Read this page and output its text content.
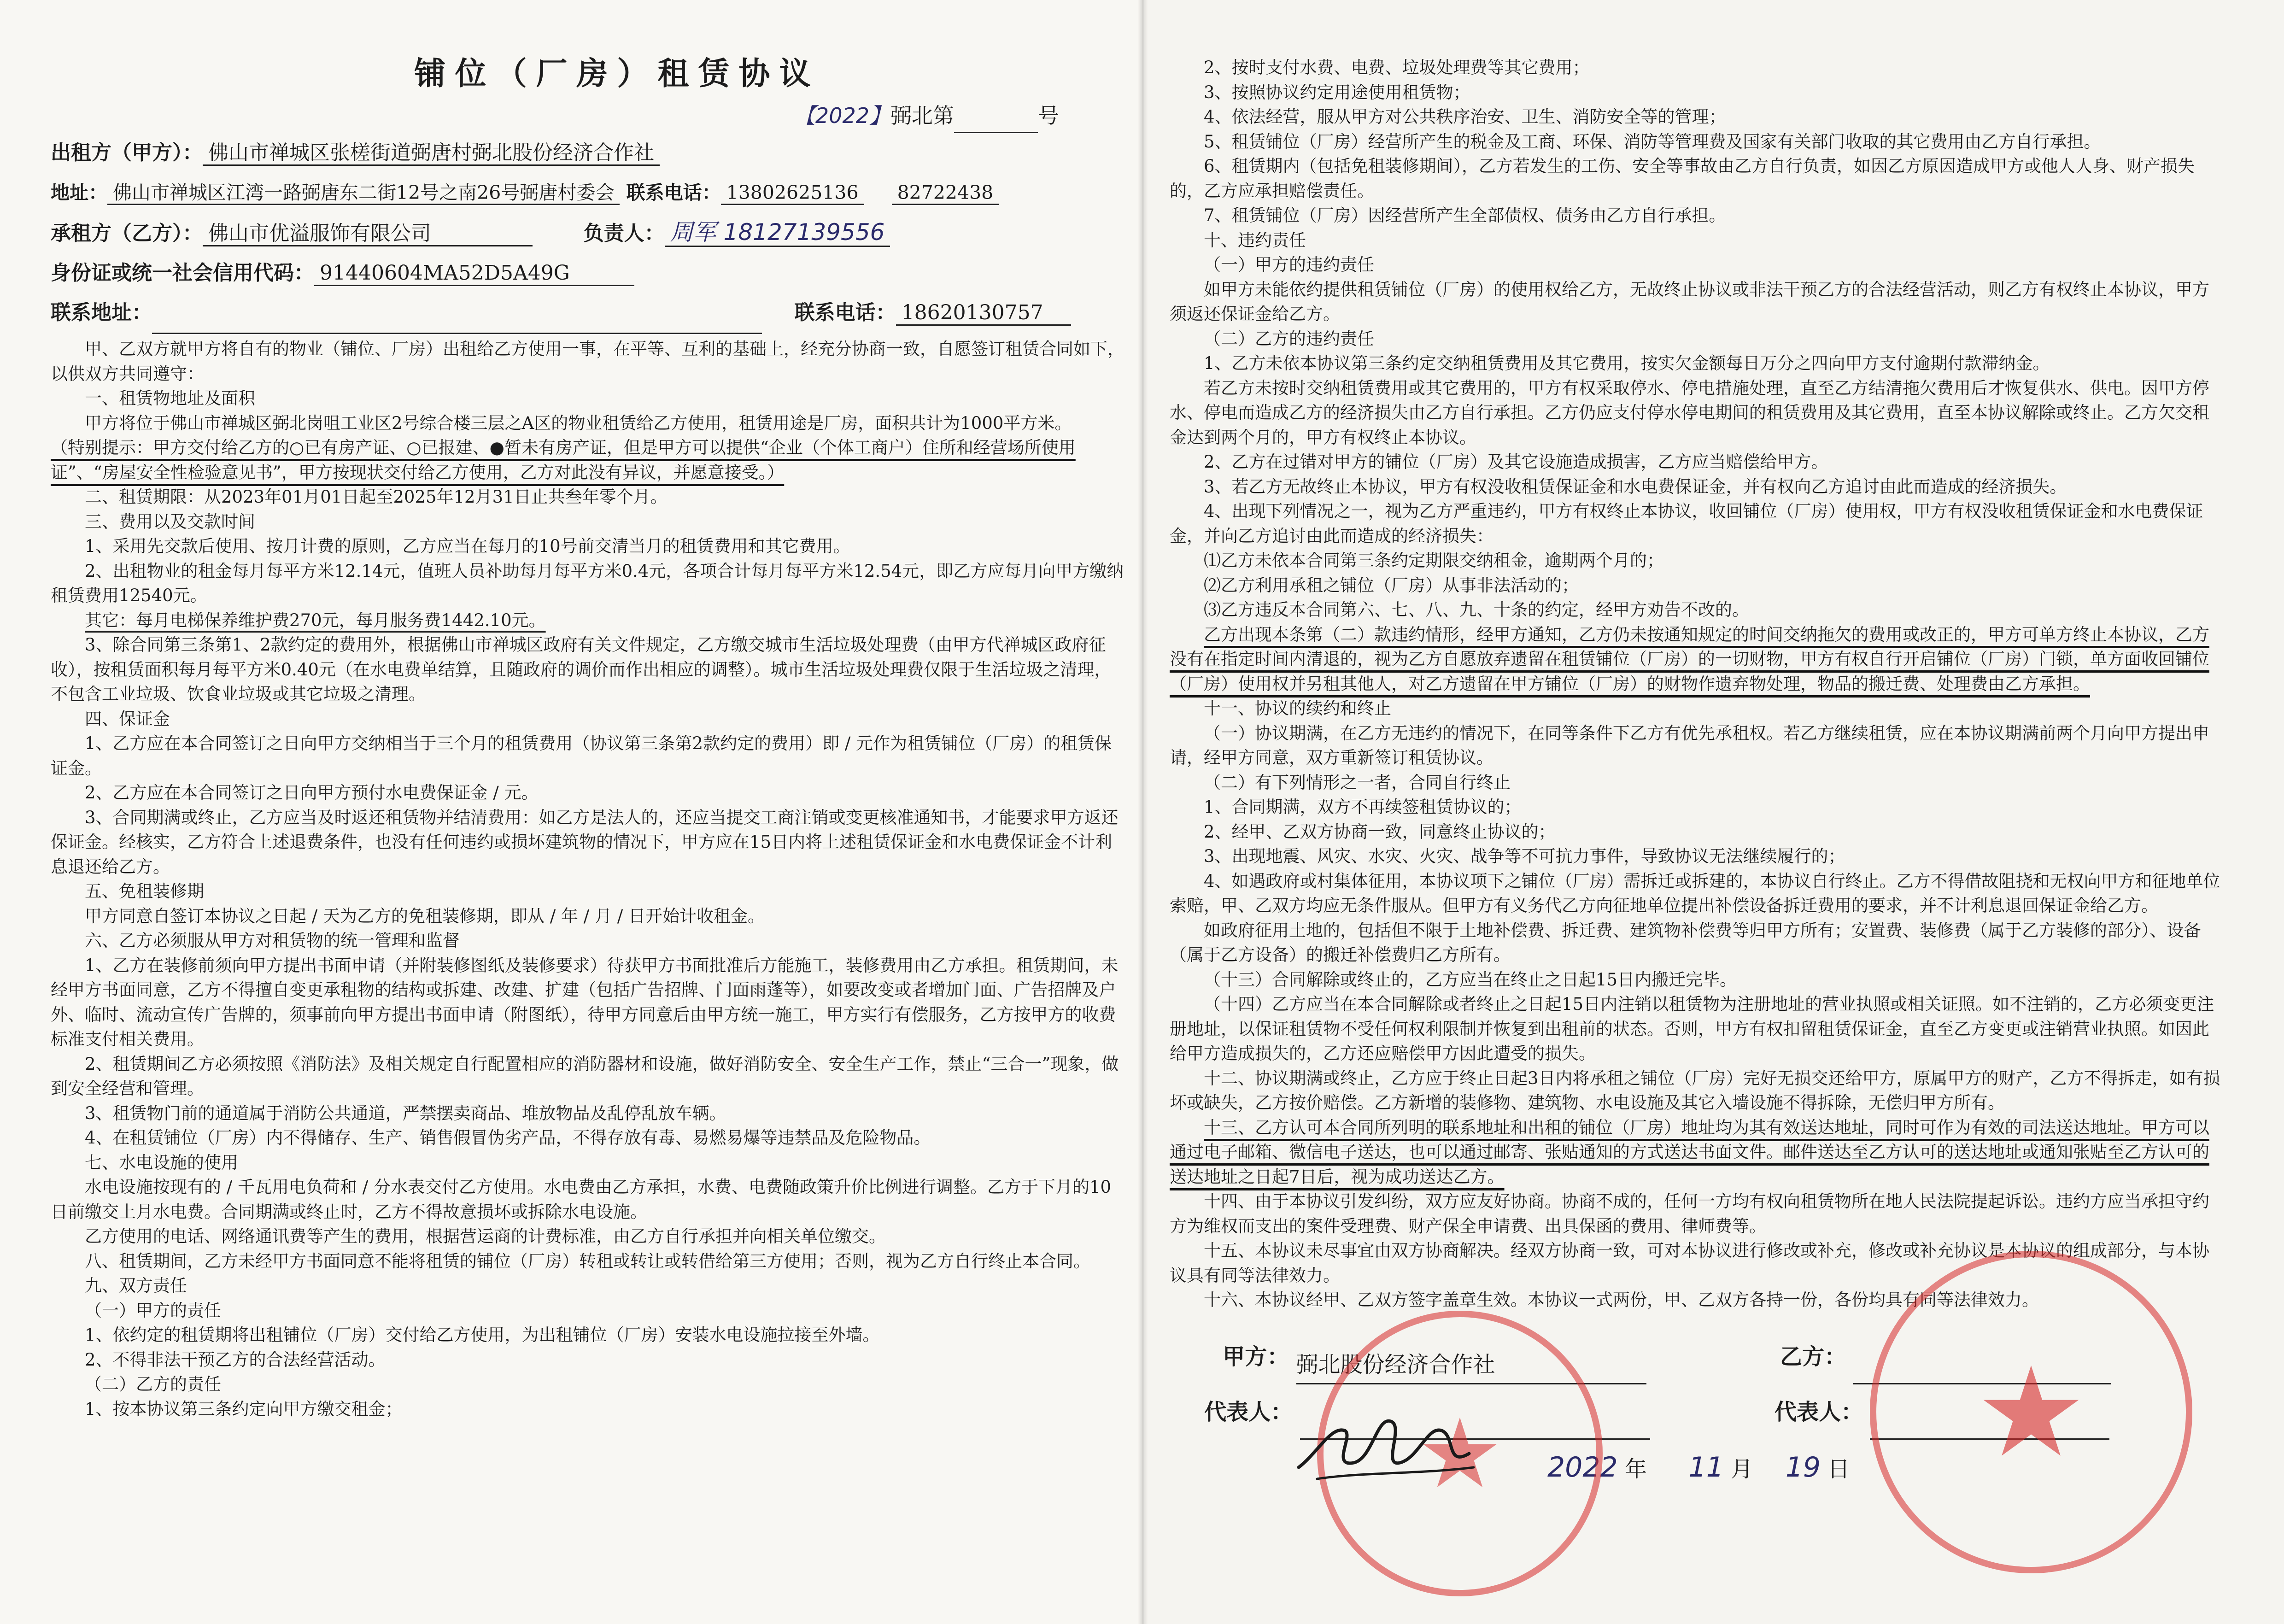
铺位（厂房）租赁协议
【2022】弼北第	号
出租方（甲方）： 佛山市禅城区张槎街道弼唐村弼北股份经济合作社
地址： 佛山市禅城区江湾一路弼唐东二街12号之南26号弼唐村委会 联系电话： 13802625136 82722438
承租方（乙方）： 佛山市优溢服饰有限公司	负责人： 周军 18127139556
身份证或统一社会信用代码： 91440604MA52D5A49G
联系地址：	联系电话： 18620130757

甲、乙双方就甲方将自有的物业（铺位、厂房）出租给乙方使用一事，在平等、互利的基础上，经充分协商一致，自愿签订租赁合同如下，以供双方共同遵守：

一、租赁物地址及面积

甲方将位于佛山市禅城区弼北岗咀工业区2号综合楼三层之A区的物业租赁给乙方使用，租赁用途是厂房，面积共计为1000平方米。

（特别提示：甲方交付给乙方的○已有房产证、○已报建、●暂未有房产证，但是甲方可以提供“企业（个体工商户）住所和经营场所使用证”、“房屋安全性检验意见书”，甲方按现状交付给乙方使用，乙方对此没有异议，并愿意接受。）

二、租赁期限：从2023年01月01日起至2025年12月31日止共叁年零个月。

三、费用以及交款时间

1、采用先交款后使用、按月计费的原则，乙方应当在每月的10号前交清当月的租赁费用和其它费用。

2、出租物业的租金每月每平方米12.14元，值班人员补助每月每平方米0.4元，各项合计每月每平方米12.54元，即乙方应每月向甲方缴纳租赁费用12540元。

其它：每月电梯保养维护费270元，每月服务费1442.10元。

3、除合同第三条第1、2款约定的费用外，根据佛山市禅城区政府有关文件规定，乙方缴交城市生活垃圾处理费（由甲方代禅城区政府征收），按租赁面积每月每平方米0.40元（在水电费单结算，且随政府的调价而作出相应的调整）。城市生活垃圾处理费仅限于生活垃圾之清理，不包含工业垃圾、饮食业垃圾或其它垃圾之清理。

四、保证金

1、乙方应在本合同签订之日向甲方交纳相当于三个月的租赁费用（协议第三条第2款约定的费用）即 / 元作为租赁铺位（厂房）的租赁保证金。

2、乙方应在本合同签订之日向甲方预付水电费保证金 / 元。

3、合同期满或终止，乙方应当及时返还租赁物并结清费用：如乙方是法人的，还应当提交工商注销或变更核准通知书，才能要求甲方返还保证金。经核实，乙方符合上述退费条件，也没有任何违约或损坏建筑物的情况下，甲方应在15日内将上述租赁保证金和水电费保证金不计利息退还给乙方。

五、免租装修期

甲方同意自签订本协议之日起 / 天为乙方的免租装修期，即从 / 年 / 月 / 日开始计收租金。

六、乙方必须服从甲方对租赁物的统一管理和监督

1、乙方在装修前须向甲方提出书面申请（并附装修图纸及装修要求）待获甲方书面批准后方能施工，装修费用由乙方承担。租赁期间，未经甲方书面同意，乙方不得擅自变更承租物的结构或拆建、改建、扩建（包括广告招牌、门面雨蓬等），如要改变或者增加门面、广告招牌及户外、临时、流动宣传广告牌的，须事前向甲方提出书面申请（附图纸），待甲方同意后由甲方统一施工，甲方实行有偿服务，乙方按甲方的收费标准支付相关费用。

2、租赁期间乙方必须按照《消防法》及相关规定自行配置相应的消防器材和设施，做好消防安全、安全生产工作，禁止“三合一”现象，做到安全经营和管理。

3、租赁物门前的通道属于消防公共通道，严禁摆卖商品、堆放物品及乱停乱放车辆。

4、在租赁铺位（厂房）内不得储存、生产、销售假冒伪劣产品，不得存放有毒、易燃易爆等违禁品及危险物品。

七、水电设施的使用

水电设施按现有的 / 千瓦用电负荷和 / 分水表交付乙方使用。水电费由乙方承担，水费、电费随政策升价比例进行调整。乙方于下月的10日前缴交上月水电费。合同期满或终止时，乙方不得故意损坏或拆除水电设施。

乙方使用的电话、网络通讯费等产生的费用，根据营运商的计费标准，由乙方自行承担并向相关单位缴交。

八、租赁期间，乙方未经甲方书面同意不能将租赁的铺位（厂房）转租或转让或转借给第三方使用；否则，视为乙方自行终止本合同。

九、双方责任

（一）甲方的责任

1、依约定的租赁期将出租铺位（厂房）交付给乙方使用，为出租铺位（厂房）安装水电设施拉接至外墙。

2、不得非法干预乙方的合法经营活动。

（二）乙方的责任

1、按本协议第三条约定向甲方缴交租金；

2、按时支付水费、电费、垃圾处理费等其它费用；

3、按照协议约定用途使用租赁物；

4、依法经营，服从甲方对公共秩序治安、卫生、消防安全等的管理；

5、租赁铺位（厂房）经营所产生的税金及工商、环保、消防等管理费及国家有关部门收取的其它费用由乙方自行承担。

6、租赁期内（包括免租装修期间），乙方若发生的工伤、安全等事故由乙方自行负责，如因乙方原因造成甲方或他人人身、财产损失的，乙方应承担赔偿责任。

7、租赁铺位（厂房）因经营所产生全部债权、债务由乙方自行承担。

十、违约责任

（一）甲方的违约责任

如甲方未能依约提供租赁铺位（厂房）的使用权给乙方，无故终止协议或非法干预乙方的合法经营活动，则乙方有权终止本协议，甲方须返还保证金给乙方。

（二）乙方的违约责任

1、乙方未依本协议第三条约定交纳租赁费用及其它费用，按实欠金额每日万分之四向甲方支付逾期付款滞纳金。

若乙方未按时交纳租赁费用或其它费用的，甲方有权采取停水、停电措施处理，直至乙方结清拖欠费用后才恢复供水、供电。因甲方停水、停电而造成乙方的经济损失由乙方自行承担。乙方仍应支付停水停电期间的租赁费用及其它费用，直至本协议解除或终止。乙方欠交租金达到两个月的，甲方有权终止本协议。

2、乙方在过错对甲方的铺位（厂房）及其它设施造成损害，乙方应当赔偿给甲方。

3、若乙方无故终止本协议，甲方有权没收租赁保证金和水电费保证金，并有权向乙方追讨由此而造成的经济损失。

4、出现下列情况之一，视为乙方严重违约，甲方有权终止本协议，收回铺位（厂房）使用权，甲方有权没收租赁保证金和水电费保证金，并向乙方追讨由此而造成的经济损失：

⑴乙方未依本合同第三条约定期限交纳租金，逾期两个月的；

⑵乙方利用承租之铺位（厂房）从事非法活动的；

⑶乙方违反本合同第六、七、八、九、十条的约定，经甲方劝告不改的。

乙方出现本条第（二）款违约情形，经甲方通知，乙方仍未按通知规定的时间交纳拖欠的费用或改正的，甲方可单方终止本协议，乙方没有在指定时间内清退的，视为乙方自愿放弃遗留在租赁铺位（厂房）的一切财物，甲方有权自行开启铺位（厂房）门锁，单方面收回铺位（厂房）使用权并另租其他人，对乙方遗留在甲方铺位（厂房）的财物作遗弃物处理，物品的搬迁费、处理费由乙方承担。

十一、协议的续约和终止

（一）协议期满，在乙方无违约的情况下，在同等条件下乙方有优先承租权。若乙方继续租赁，应在本协议期满前两个月向甲方提出申请，经甲方同意，双方重新签订租赁协议。

（二）有下列情形之一者，合同自行终止

1、合同期满，双方不再续签租赁协议的；

2、经甲、乙双方协商一致，同意终止协议的；

3、出现地震、风灾、水灾、火灾、战争等不可抗力事件，导致协议无法继续履行的；

4、如遇政府或村集体征用，本协议项下之铺位（厂房）需拆迁或拆建的，本协议自行终止。乙方不得借故阻挠和无权向甲方和征地单位索赔，甲、乙双方均应无条件服从。但甲方有义务代乙方向征地单位提出补偿设备拆迁费用的要求，并不计利息退回保证金给乙方。

如政府征用土地的，包括但不限于土地补偿费、拆迁费、建筑物补偿费等归甲方所有；安置费、装修费（属于乙方装修的部分）、设备（属于乙方设备）的搬迁补偿费归乙方所有。

（十三）合同解除或终止的，乙方应当在终止之日起15日内搬迁完毕。

（十四）乙方应当在本合同解除或者终止之日起15日内注销以租赁物为注册地址的营业执照或相关证照。如不注销的，乙方必须变更注册地址，以保证租赁物不受任何权利限制并恢复到出租前的状态。否则，甲方有权扣留租赁保证金，直至乙方变更或注销营业执照。如因此给甲方造成损失的，乙方还应赔偿甲方因此遭受的损失。

十二、协议期满或终止，乙方应于终止日起3日内将承租之铺位（厂房）完好无损交还给甲方，原属甲方的财产，乙方不得拆走，如有损坏或缺失，乙方按价赔偿。乙方新增的装修物、建筑物、水电设施及其它入墙设施不得拆除，无偿归甲方所有。

十三、乙方认可本合同所列明的联系地址和出租的铺位（厂房）地址均为其有效送达地址，同时可作为有效的司法送达地址。甲方可以通过电子邮箱、微信电子送达，也可以通过邮寄、张贴通知的方式送达书面文件。邮件送达至乙方认可的送达地址或通知张贴至乙方认可的送达地址之日起7日后，视为成功送达乙方。

十四、由于本协议引发纠纷，双方应友好协商。协商不成的，任何一方均有权向租赁物所在地人民法院提起诉讼。违约方应当承担守约方为维权而支出的案件受理费、财产保全申请费、出具保函的费用、律师费等。

十五、本协议未尽事宜由双方协商解决。经双方协商一致，可对本协议进行修改或补充，修改或补充协议是本协议的组成部分，与本协议具有同等法律效力。

十六、本协议经甲、乙双方签字盖章生效。本协议一式两份，甲、乙双方各持一份，各份均具有同等法律效力。

甲方： 弼北股份经济合作社	乙方：
代表人：	代表人：
2022 年 11 月 19 日
